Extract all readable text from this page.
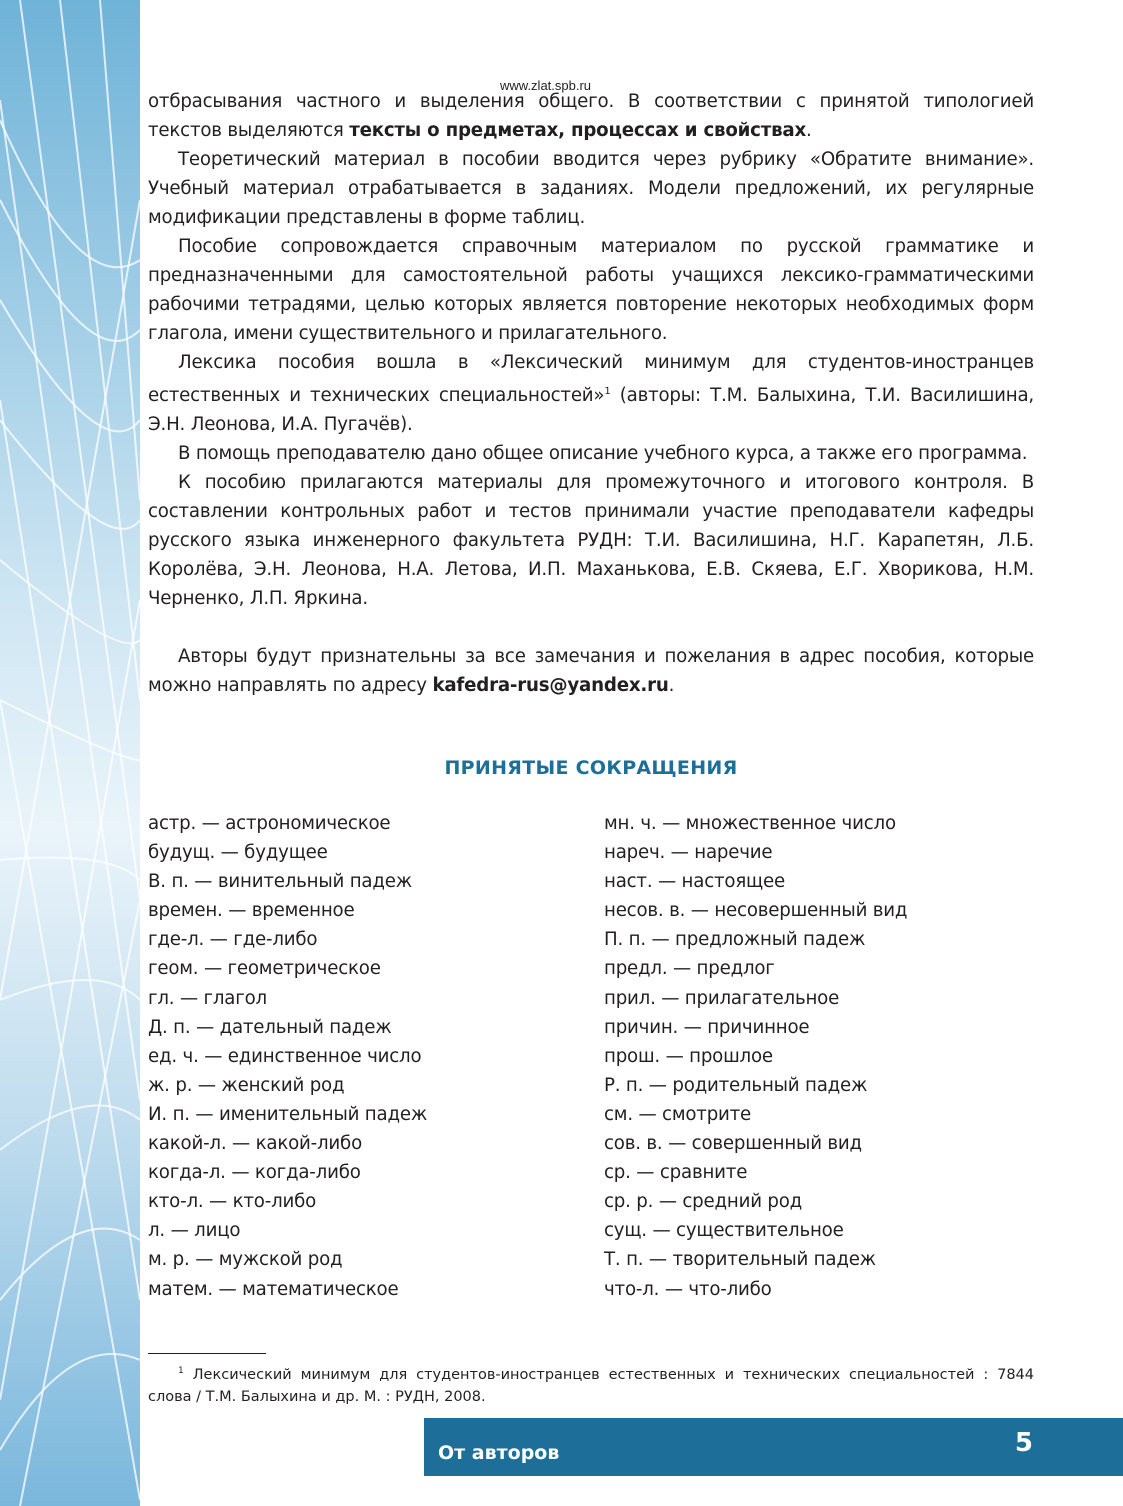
www.zlat.spb.ru

отбрасывания частного и выделения общего. В соответствии с принятой типологией текстов выделяются тексты о предметах, процессах и свойствах.

Теоретический материал в пособии вводится через рубрику «Обратите внимание». Учебный материал отрабатывается в заданиях. Модели предложений, их регулярные модификации представлены в форме таблиц.

Пособие сопровождается справочным материалом по русской грамматике и предназначенными для самостоятельной работы учащихся лексико-грамматическими рабочими тетрадями, целью которых является повторение некоторых необходимых форм глагола, имени существительного и прилагательного.

Лексика пособия вошла в «Лексический минимум для студентов-иностранцев естественных и технических специальностей»$^1$ (авторы: Т.М. Балыхина, Т.И. Василишина, Э.Н. Леонова, И.А. Пугачёв).

В помощь преподавателю дано общее описание учебного курса, а также его программа.

К пособию прилагаются материалы для промежуточного и итогового контроля. В составлении контрольных работ и тестов принимали участие преподаватели кафедры русского языка инженерного факультета РУДН: Т.И. Василишина, Н.Г. Карапетян, Л.Б. Королёва, Э.Н. Леонова, Н.А. Летова, И.П. Маханькова, Е.В. Скяева, Е.Г. Хворикова, Н.М. Черненко, Л.П. Яркина.

Авторы будут признательны за все замечания и пожелания в адрес пособия, которые можно направлять по адресу kafedra-rus@yandex.ru.

ПРИНЯТЫЕ СОКРАЩЕНИЯ
астр. — астрономическое
будущ. — будущее
В. п. — винительный падеж
времен. — временное
где-л. — где-либо
геом. — геометрическое
гл. — глагол
Д. п. — дательный падеж
ед. ч. — единственное число
ж. р. — женский род
И. п. — именительный падеж
какой-л. — какой-либо
когда-л. — когда-либо
кто-л. — кто-либо
л. — лицо
м. р. — мужской род
матем. — математическое
мн. ч. — множественное число
нареч. — наречие
наст. — настоящее
несов. в. — несовершенный вид
П. п. — предложный падеж
предл. — предлог
прил. — прилагательное
причин. — причинное
прош. — прошлое
Р. п. — родительный падеж
см. — смотрите
сов. в. — совершенный вид
ср. — сравните
ср. р. — средний род
сущ. — существительное
Т. п. — творительный падеж
что-л. — что-либо
$^1$ Лексический минимум для студентов-иностранцев естественных и технических специальностей : 7844 слова / Т.М. Балыхина и др. М. : РУДН, 2008.
От авторов	5
